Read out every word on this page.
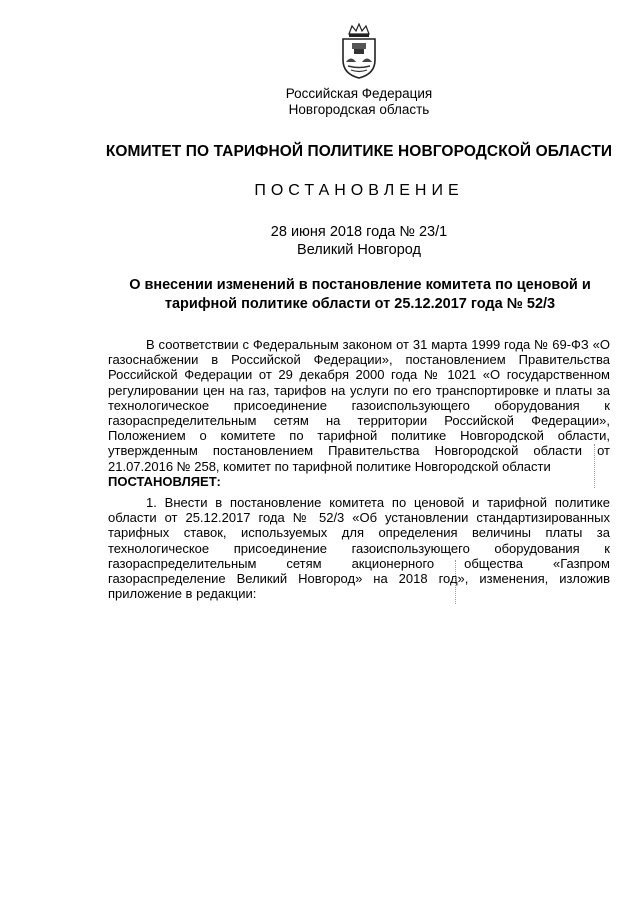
Российская Федерация
Новгородская область
КОМИТЕТ ПО ТАРИФНОЙ ПОЛИТИКЕ НОВГОРОДСКОЙ ОБЛАСТИ
ПОСТАНОВЛЕНИЕ
28 июня 2018 года № 23/1
Великий Новгород
О внесении изменений в постановление комитета по ценовой и тарифной политике области от 25.12.2017 года № 52/3
В соответствии с Федеральным законом от 31 марта 1999 года № 69-ФЗ «О газоснабжении в Российской Федерации», постановлением Правительства Российской Федерации от 29 декабря 2000 года № 1021 «О государственном регулировании цен на газ, тарифов на услуги по его транспортировке и платы за технологическое присоединение газоиспользующего оборудования к газораспределительным сетям на территории Российской Федерации», Положением о комитете по тарифной политике Новгородской области, утвержденным постановлением Правительства Новгородской области от 21.07.2016 № 258, комитет по тарифной политике Новгородской области
ПОСТАНОВЛЯЕТ:
1. Внести в постановление комитета по ценовой и тарифной политике области от 25.12.2017 года № 52/3 «Об установлении стандартизированных тарифных ставок, используемых для определения величины платы за технологическое присоединение газоиспользующего оборудования к газораспределительным сетям акционерного общества «Газпром газораспределение Великий Новгород» на 2018 год», изменения, изложив приложение в редакции:
